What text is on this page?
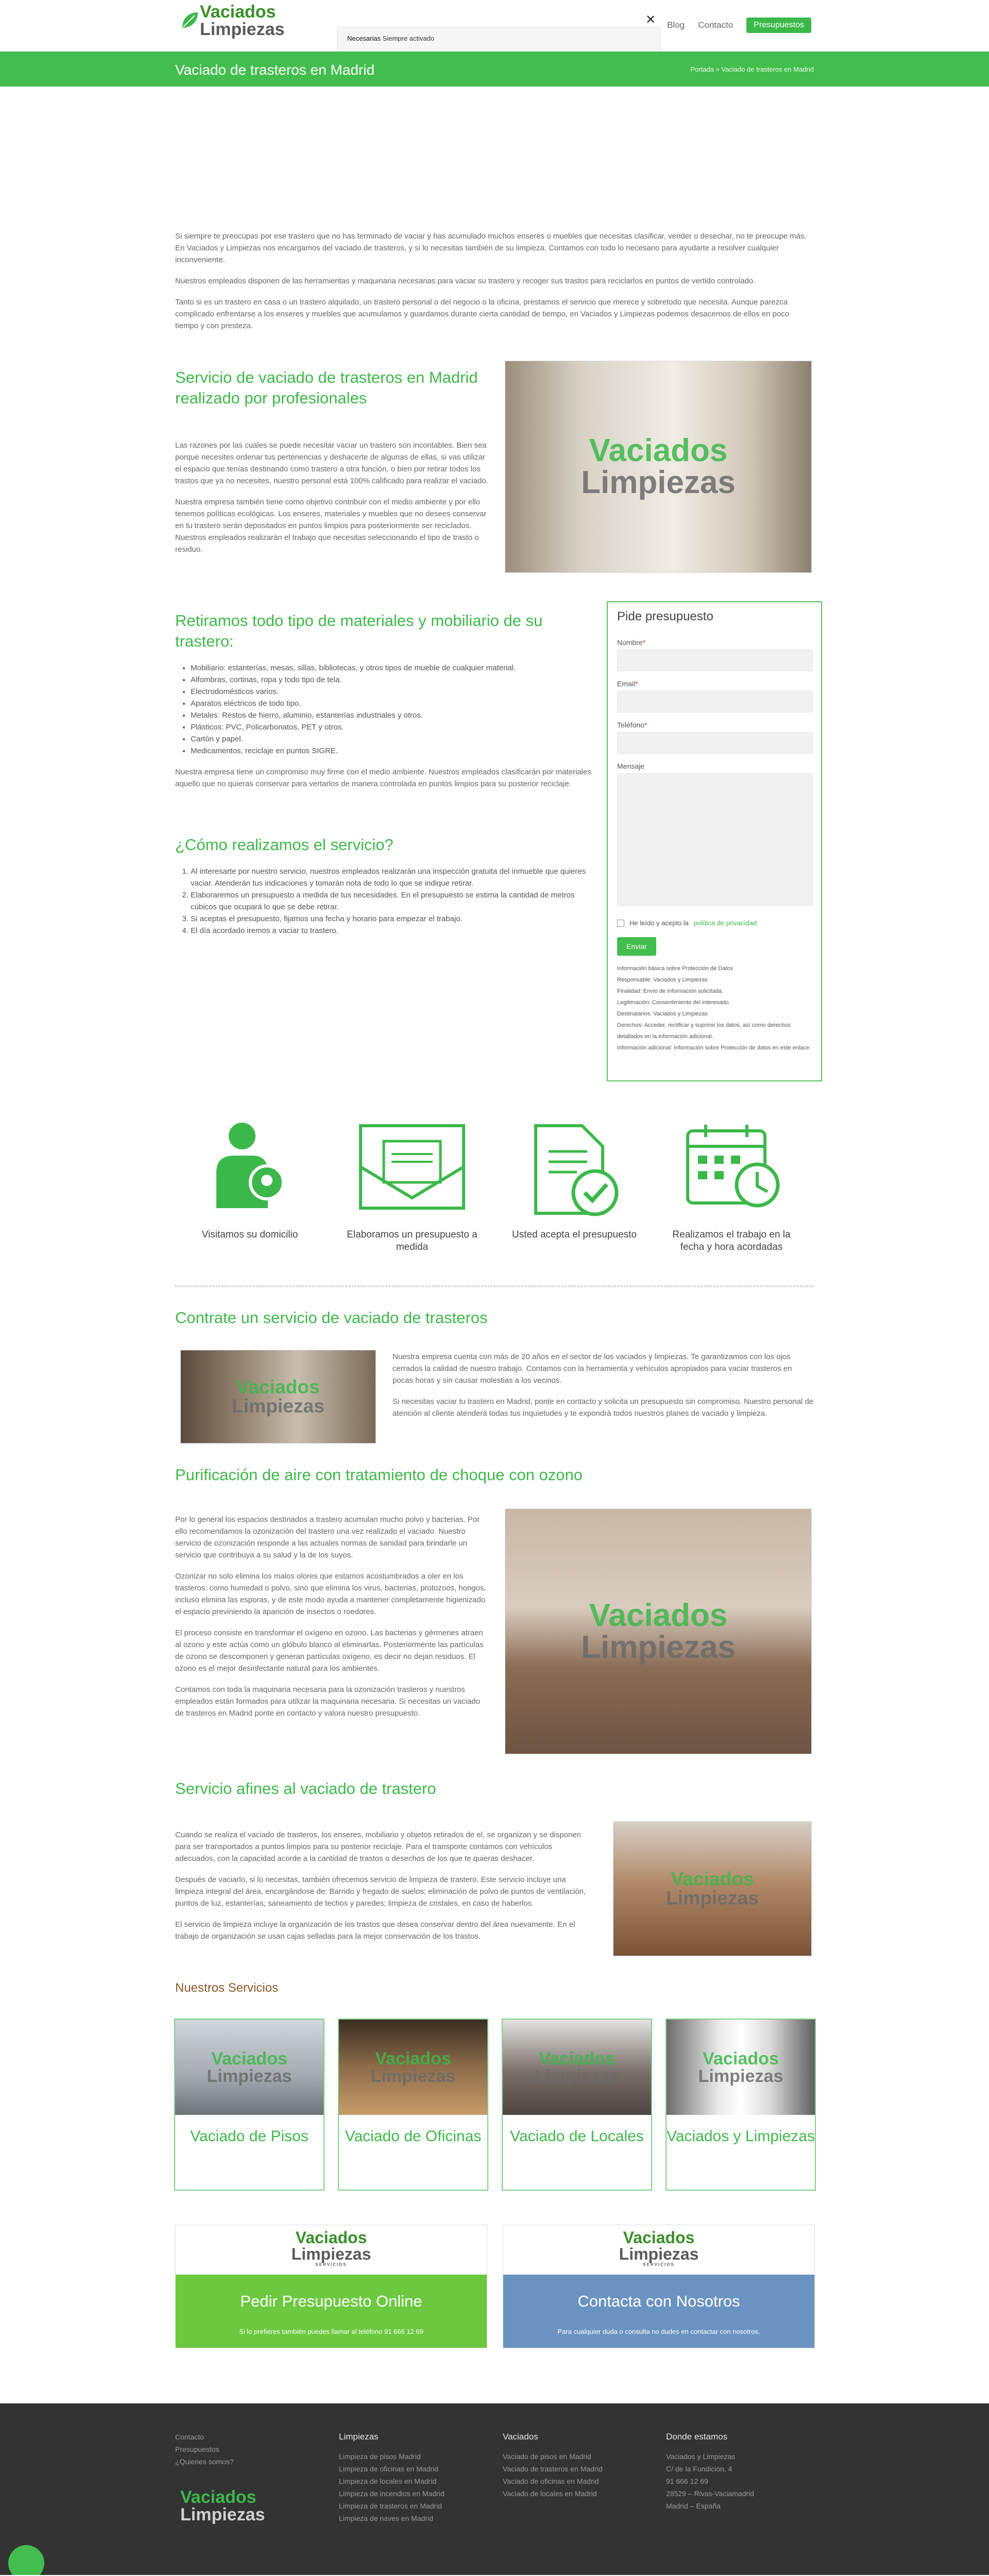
Vaciados
Limpiezas	Blog Contacto	Presupuestos
Necesarias Siempre activado
✕
Vaciado de trasteros en Madrid	Portada » Vaciado de trasteros en Madrid

Si siempre te preocupas por ese trastero que no has terminado de vaciar y has acumulado muchos enseres o muebles que necesitas clasificar, vender o desechar, no te preocupe más. En Vaciados y Limpiezas nos encargamos del vaciado de trasteros, y si lo necesitas también de su limpieza. Contamos con todo lo necesario para ayudarte a resolver cualquier inconveniente.

Nuestros empleados disponen de las herramientas y maquinaria necesarias para vaciar su trastero y recoger sus trastos para reciclarlos en puntos de vertido controlado.

Tanto si es un trastero en casa o un trastero alquilado, un trastero personal o del negocio o la oficina, prestamos el servicio que merece y sobretodo que necesita. Aunque parezca complicado enfrentarse a los enseres y muebles que acumulamos y guardamos durante cierta cantidad de tiempo, en Vaciados y Limpiezas podemos desacernos de ellos en poco tiempo y con presteza.

Servicio de vaciado de trasteros en Madrid realizado por profesionales

Las razones por las cuales se puede necesitar vaciar un trastero son incontables. Bien sea porque necesites ordenar tus pertenencias y deshacerte de algunas de ellas, si vas utilizar el espacio que tenías destinando como trastero a otra función, o bien por retirar todos los trastos que ya no necesites, nuestro personal está 100% calificado para realizar el vaciado.

Nuestra empresa también tiene como objetivo contribuir con el medio ambiente y por ello tenemos políticas ecológicas. Los enseres, materiales y muebles que no desees conservar en tu trastero serán depositados en puntos limpios para posteriormente ser reciclados. Nuestros empleados realizarán el trabajo que necesitas seleccionando el tipo de trasto o residuo.

Vaciados
Limpiezas
Retiramos todo tipo de materiales y mobiliario de su trastero:
• Mobiliario: estanterías, mesas, sillas, bibliotecas, y otros tipos de mueble de cualquier material.
• Alfombras, cortinas, ropa y todo tipo de tela.
• Electrodomésticos varios.
• Aparatos eléctricos de todo tipo.
• Metales: Restos de hierro, aluminio, estanterías industriales y otros.
• Plásticos: PVC, Policarbonatos, PET y otros.
• Cartón y papel.
• Medicamentos, reciclaje en puntos SIGRE.

Nuestra empresa tiene un compromiso muy firme con el medio ambiente. Nuestros empleados clasificarán por materiales aquello que no quieras conservar para vertarlos de manera controlada en puntos limpios para su posterior reciclaje.

¿Cómo realizamos el servicio?
1. Al interesarte por nuestro servicio, nuestros empleados realizarán una inspección gratuita del inmueble que quieres vaciar. Atenderán tus indicaciones y tomarán nota de todo lo que se indique retirar.
2. Elaboraremos un presupuesto a medida de tus necesidades. En el presupuesto se estima la cantidad de metros cúbicos que ocupará lo que se debe retirar.
3. Si aceptas el presupuesto, fijamos una fecha y horario para empezar el trabajo.
4. El día acordado iremos a vaciar tu trastero.
Pide presupuesto
Nombre*
Email*
Teléfono*
Mensaje
He leído y acepto la política de privacidad
Enviar
Información básica sobre Protección de Datos
Responsable: Vaciados y Limpiezas
Finalidad: Envío de información solicitada.
Legitimación: Consentimiento del interesado.
Destinatarios: Vaciados y Limpiezas
Derechos: Acceder, rectificar y suprimir los datos, así como derechos detallados en la información adicional.
Información adicional: Información sobre Protección de datos en este enlace.
Visitamos su domicilio	Elaboramos un presupuesto a medida
Usted acepta el presupuesto	Realizamos el trabajo en la fecha y hora acordadas
Contrate un servicio de vaciado de trasteros
Vaciados
Limpiezas

Nuestra empresa cuenta con más de 20 años en el sector de los vaciados y limpiezas. Te garantizamos con los ojos cerrados la calidad de nuestro trabajo. Contamos con la herramienta y vehículos apropiados para vaciar trasteros en pocas horas y sin causar molestias a los vecinos.

Si necesitas vaciar tu trastero en Madrid, ponte en contacto y solicita un presupuesto sin compromiso. Nuestro personal de atención al cliente atenderá todas tus inquietudes y te expondrá todos nuestros planes de vaciado y limpieza.

Purificación de aire con tratamiento de choque con ozono

Por lo general los espacios destinados a trastero acumulan mucho polvo y bacterias. Por ello recomendamos la ozonización del trastero una vez realizado el vaciado. Nuestro servicio de ozonización responde a las actuales normas de sanidad para brindarle un servicio que contribuya a su salud y la de los suyos.

Ozonizar no solo elimina los malos olores que estamos acostumbrados a oler en los trasteros: como humedad o polvo, sino que elimina los virus, bacterias, protozoos, hongos, incluso elimina las esporas, y de este modo ayuda a mantener completamente higienizado el espacio previniendo la aparición de insectos o roedores.

El proceso consiste en transformar el oxígeno en ozono. Las bacterias y gérmenes atraen al ozono y este actúa como un glóbulo blanco al eliminarlas. Posteriormente las partículas de ozono se descomponen y generan partículas oxígeno, es decir no dejan residuos. El ozono es el mejor desinfectante natural para los ambientes.

Contamos con toda la maquinaria necesaria para la ozonización trasteros y nuestros empleados están formados para utilizar la maquinaria necesaria. Si necesitas un vaciado de trasteros en Madrid ponte en contacto y valora nuestro presupuesto.

Vaciados
Limpiezas
Servicio afines al vaciado de trastero

Cuando se realiza el vaciado de trasteros, los enseres, mobiliario y objetos retirados de el, se organizan y se disponen para ser transportados a puntos limpios para su posterior reciclaje. Para el transporte contamos con vehículos adecuados, con la capacidad acorde a la cantidad de trastos o desechos de los que te quieras deshacer.

Después de vaciarlo, si lo necesitas, también ofrecemos servicio de limpieza de trastero. Este servicio incluye una limpieza integral del área, encargándose de: Barrido y fregado de suelos; eliminación de polvo de puntos de ventilación, puntos de luz, estanterías; saneamiento de techos y paredes; limpieza de cristales, en caso de haberlos.

El servicio de limpieza incluye la organización de los trastos que desea conservar dentro del área nuevamente. En el trabajo de organización se usan cajas selladas para la mejor conservación de los trastos.

Vaciados
Limpiezas
Nuestros Servicios
Vaciados
Limpiezas
Vaciado de Pisos
Vaciados
Limpiezas
Vaciado de Oficinas
Vaciados
Limpiezas
Vaciado de Locales
Vaciados
Limpiezas
Vaciados y Limpiezas
Vaciados
Limpiezas
SERVICIOS
Pedir Presupuesto Online
Si lo prefieres también puedes llamar al teléfono 91 666 12 69
Vaciados
Limpiezas
SERVICIOS
Contacta con Nosotros
Para cualquier duda o consulta no dudes en contactar con nosotros.
Contacto
Presupuestos
¿Quienes somos?
Vaciados
Limpiezas
Limpiezas
Limpieza de pisos Madrid
Limpieza de oficinas en Madrid
Limpieza de locales en Madrid
Limpieza de incendios en Madrid
Limpieza de trasteros en Madrid
Limpieza de naves en Madrid
Vaciados
Vaciado de pisos en Madrid
Vaciado de trasteros en Madrid
Vaciado de oficinas en Madrid
Vaciado de locales en Madrid
Donde estamos
Vaciados y Limpiezas
C/ de la Fundición, 4
91 666 12 69
28529 – Rivas-Vaciamadrid
Madrid – España
